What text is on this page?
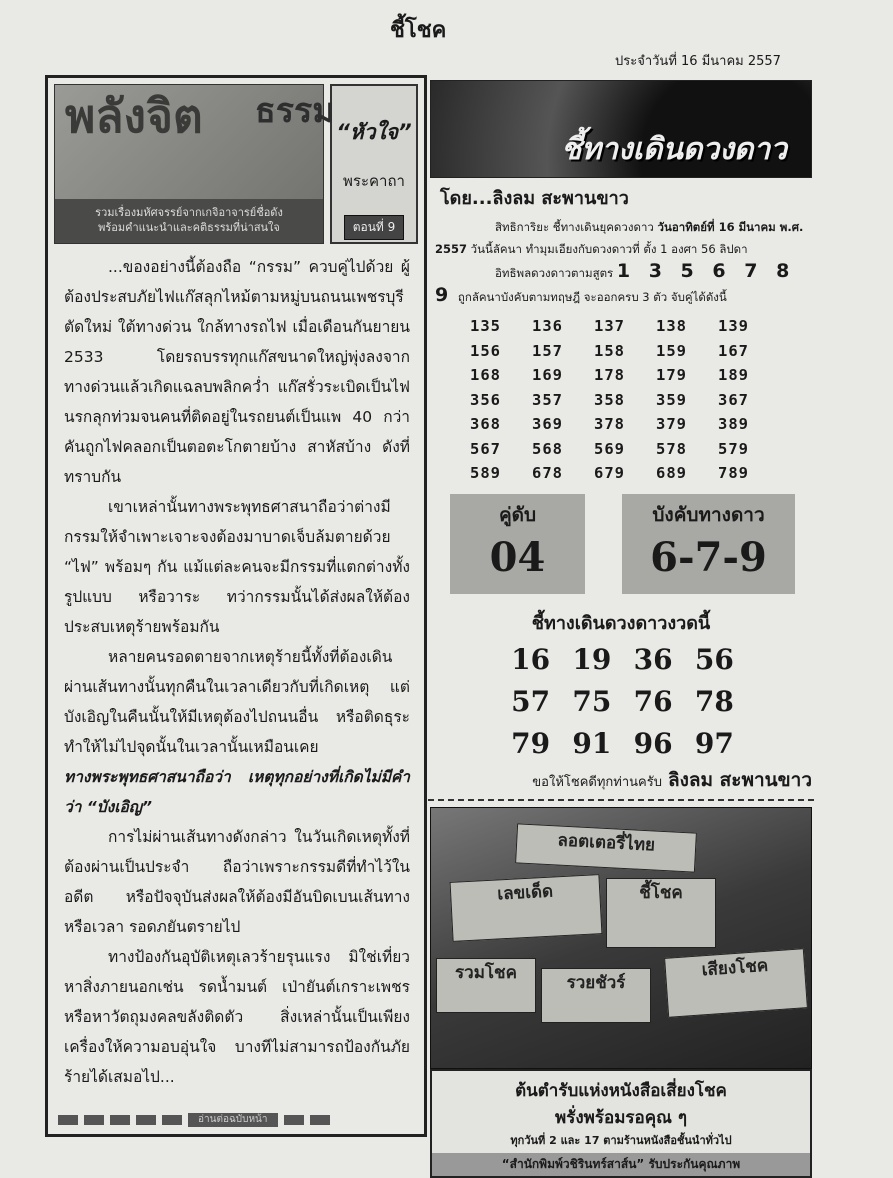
ชี้โชค
ประจำวันที่ 16 มีนาคม 2557
พลังจิต ธรรม
รวมเรื่องมหัศจรรย์จากเกจิอาจารย์ชื่อดัง
พร้อมคำแนะนำและคติธรรมที่น่าสนใจ
“หัวใจ”
พระคาถา
ตอนที่ 9

...ของอย่างนี้ต้องถือ “กรรม” ควบคู่ไปด้วย ผู้ต้องประสบภัยไฟแก๊สลุกไหม้ตามหมู่บนถนนเพชรบุรีตัดใหม่ ใต้ทางด่วน ใกล้ทางรถไฟ เมื่อเดือนกันยายน 2533 โดยรถบรรทุกแก๊สขนาดใหญ่พุ่งลงจากทางด่วนแล้วเกิดแฉลบพลิกคว่ำ แก๊สรั่วระเบิดเป็นไฟนรกลุกท่วมจนคนที่ติดอยู่ในรถยนต์เป็นแพ 40 กว่าคันถูกไฟคลอกเป็นตอตะโกตายบ้าง สาหัสบ้าง ดังที่ทราบกัน

เขาเหล่านั้นทางพระพุทธศาสนาถือว่าต่างมีกรรมให้จำเพาะเจาะจงต้องมาบาดเจ็บล้มตายด้วย “ไฟ” พร้อมๆ กัน แม้แต่ละคนจะมีกรรมที่แตกต่างทั้งรูปแบบ หรือวาระ ทว่ากรรมนั้นได้ส่งผลให้ต้องประสบเหตุร้ายพร้อมกัน

หลายคนรอดตายจากเหตุร้ายนี้ทั้งที่ต้องเดินผ่านเส้นทางนั้นทุกคืนในเวลาเดียวกับที่เกิดเหตุ แต่บังเอิญในคืนนั้นให้มีเหตุต้องไปถนนอื่น หรือติดธุระทำให้ไม่ไปจุดนั้นในเวลานั้นเหมือนเคย

ทางพระพุทธศาสนาถือว่า เหตุทุกอย่างที่เกิดไม่มีคำว่า “บังเอิญ”

การไม่ผ่านเส้นทางดังกล่าว ในวันเกิดเหตุทั้งที่ต้องผ่านเป็นประจำ ถือว่าเพราะกรรมดีที่ทำไว้ในอดีต หรือปัจจุบันส่งผลให้ต้องมีอันบิดเบนเส้นทางหรือเวลา รอดภยันตรายไป

ทางป้องกันอุบัติเหตุเลวร้ายรุนแรง มิใช่เที่ยวหาสิ่งภายนอกเช่น รดน้ำมนต์ เป่ายันต์เกราะเพชร หรือหาวัตถุมงคลขลังติดตัว สิ่งเหล่านั้นเป็นเพียงเครื่องให้ความอบอุ่นใจ บางทีไม่สามารถป้องกันภัยร้ายได้เสมอไป...

อ่านต่อฉบับหน้า
ชี้ทางเดินดวงดาว
โดย...ลิงลม สะพานขาว
สิทธิการิยะ ชี้ทางเดินยุคดวงดาว วันอาทิตย์ที่ 16 มีนาคม พ.ศ. 2557 วันนี้ลัคนา ทำมุมเอียงกับดวงดาวที่ ตั้ง 1 องศา 56 ลิปดา
อิทธิพลดวงดาวตามสูตร 1 3 5 6 7 8 9 ถูกลัคนาบังคับตามทฤษฎี จะออกครบ 3 ตัว จับคู่ได้ดังนี้
135	136	137	138	139
156	157	158	159	167
168	169	178	179	189
356	357	358	359	367
368	369	378	379	389
567	568	569	578	579
589	678	679	689	789
คู่ดับ
04
บังคับทางดาว
6-7-9
ชี้ทางเดินดวงดาวงวดนี้
16 19 36 56
57 75 76 78
79 91 96 97
ขอให้โชคดีทุกท่านครับ ลิงลม สะพานขาว
ลอตเตอรี่ไทย
เลขเด็ด	ชี้โชค
รวมโชค	รวยชัวร์
เสียงโชค
ต้นตำรับแห่งหนังสือเสี่ยงโชค
พรั่งพร้อมรอคุณ ๆ
ทุกวันที่ 2 และ 17 ตามร้านหนังสือชั้นนำทั่วไป
“สำนักพิมพ์วชิรินทร์สาส์น” รับประกันคุณภาพ
